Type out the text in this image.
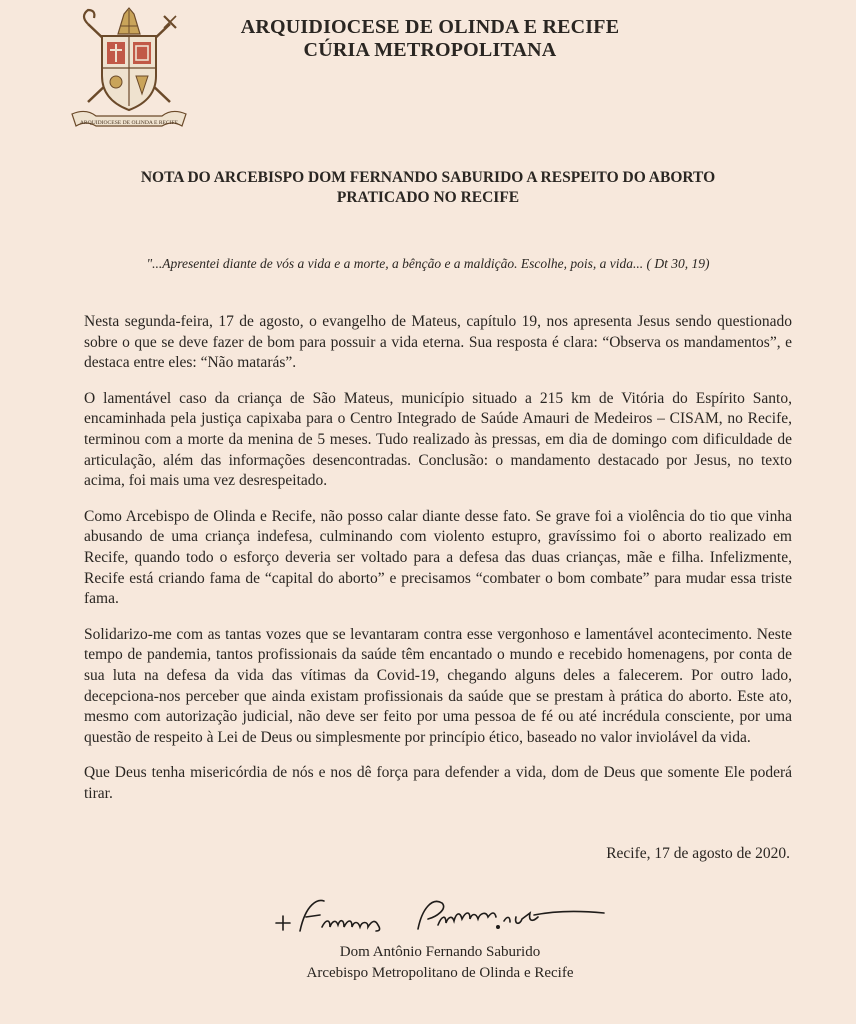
ARQUIDIOCESE DE OLINDA E RECIFE
ARQUIDIOCESE DE OLINDA E RECIFE
CÚRIA METROPOLITANA
NOTA DO ARCEBISPO DOM FERNANDO SABURIDO A RESPEITO DO ABORTO
PRATICADO NO RECIFE
"...Apresentei diante de vós a vida e a morte, a bênção e a maldição. Escolhe, pois, a vida... ( Dt 30, 19)

Nesta segunda-feira, 17 de agosto, o evangelho de Mateus, capítulo 19, nos apresenta Jesus sendo questionado sobre o que se deve fazer de bom para possuir a vida eterna. Sua resposta é clara: “Observa os mandamentos”, e destaca entre eles: “Não matarás”.

O lamentável caso da criança de São Mateus, município situado a 215 km de Vitória do Espírito Santo, encaminhada pela justiça capixaba para o Centro Integrado de Saúde Amauri de Medeiros – CISAM, no Recife, terminou com a morte da menina de 5 meses. Tudo realizado às pressas, em dia de domingo com dificuldade de articulação, além das informações desencontradas. Conclusão: o mandamento destacado por Jesus, no texto acima, foi mais uma vez desrespeitado.

Como Arcebispo de Olinda e Recife, não posso calar diante desse fato. Se grave foi a violência do tio que vinha abusando de uma criança indefesa, culminando com violento estupro, gravíssimo foi o aborto realizado em Recife, quando todo o esforço deveria ser voltado para a defesa das duas crianças, mãe e filha. Infelizmente, Recife está criando fama de “capital do aborto” e precisamos “combater o bom combate” para mudar essa triste fama.

Solidarizo-me com as tantas vozes que se levantaram contra esse vergonhoso e lamentável acontecimento. Neste tempo de pandemia, tantos profissionais da saúde têm encantado o mundo e recebido homenagens, por conta de sua luta na defesa da vida das vítimas da Covid-19, chegando alguns deles a falecerem. Por outro lado, decepciona-nos perceber que ainda existam profissionais da saúde que se prestam à prática do aborto. Este ato, mesmo com autorização judicial, não deve ser feito por uma pessoa de fé ou até incrédula consciente, por uma questão de respeito à Lei de Deus ou simplesmente por princípio ético, baseado no valor inviolável da vida.

Que Deus tenha misericórdia de nós e nos dê força para defender a vida, dom de Deus que somente Ele poderá tirar.

Recife, 17 de agosto de 2020.
Dom Antônio Fernando Saburido
Arcebispo Metropolitano de Olinda e Recife
